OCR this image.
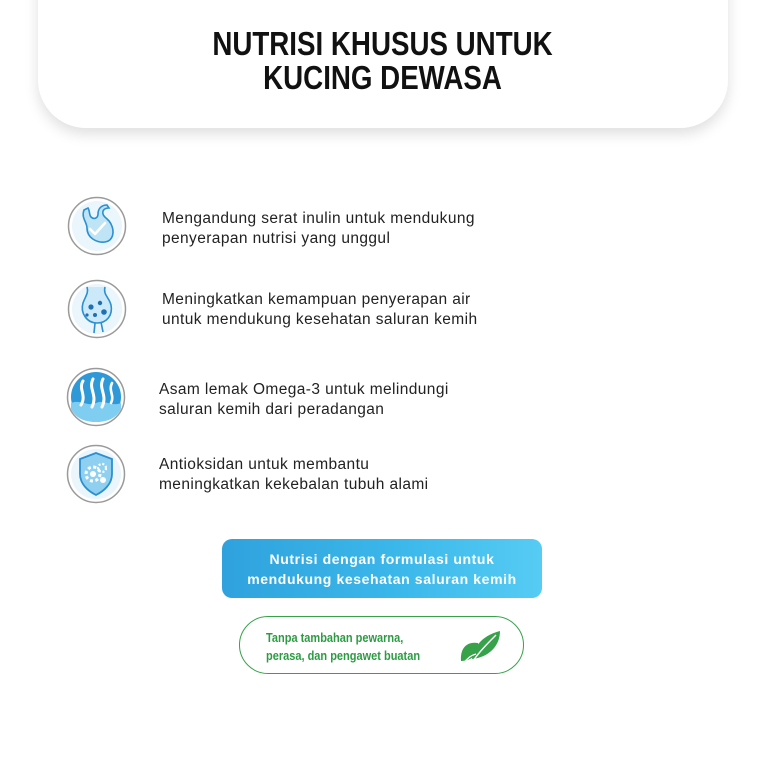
NUTRISI KHUSUS UNTUK
KUCING DEWASA
Mengandung serat inulin untuk mendukung
penyerapan nutrisi yang unggul
Meningkatkan kemampuan penyerapan air
untuk mendukung kesehatan saluran kemih
Asam lemak Omega-3 untuk melindungi
saluran kemih dari peradangan
Antioksidan untuk membantu
meningkatkan kekebalan tubuh alami
Nutrisi dengan formulasi untuk
mendukung kesehatan saluran kemih
Tanpa tambahan pewarna,
perasa, dan pengawet buatan
